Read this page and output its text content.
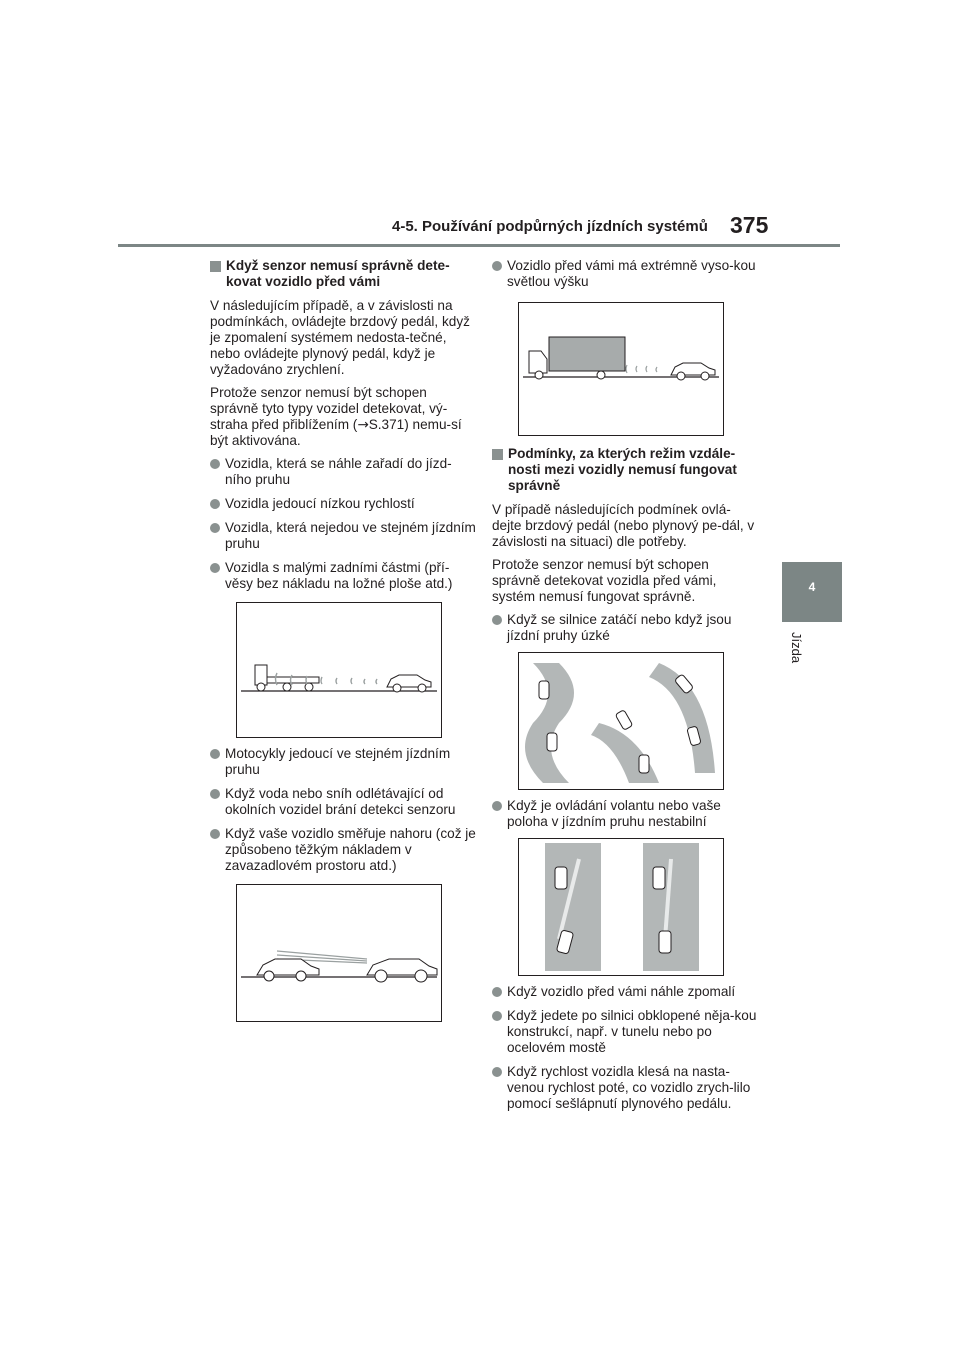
4-5. Používání podpůrných jízdních systémů 375
4
Jízda
Když senzor nemusí správně dete-kovat vozidlo před vámi
V následujícím případě, a v závislosti na podmínkách, ovládejte brzdový pedál, když je zpomalení systémem nedosta-tečné, nebo ovládejte plynový pedál, když je vyžadováno zrychlení.
Protože senzor nemusí být schopen správně tyto typy vozidel detekovat, vý-straha před přiblížením (→S.371) nemu-sí být aktivována.
Vozidla, která se náhle zařadí do jízd-ního pruhu
Vozidla jedoucí nízkou rychlostí
Vozidla, která nejedou ve stejném jízdním pruhu
Vozidla s malými zadními částmi (pří-věsy bez nákladu na ložné ploše atd.)
Motocykly jedoucí ve stejném jízdním pruhu
Když voda nebo sníh odlétávající od okolních vozidel brání detekci senzoru
Když vaše vozidlo směřuje nahoru (což je způsobeno těžkým nákladem v zavazadlovém prostoru atd.)
Vozidlo před vámi má extrémně vyso-kou světlou výšku
Podmínky, za kterých režim vzdále-nosti mezi vozidly nemusí fungovat správně
V případě následujících podmínek ovlá-dejte brzdový pedál (nebo plynový pe-dál, v závislosti na situaci) dle potřeby.
Protože senzor nemusí být schopen správně detekovat vozidla před vámi, systém nemusí fungovat správně.
Když se silnice zatáčí nebo když jsou jízdní pruhy úzké
Když je ovládání volantu nebo vaše poloha v jízdním pruhu nestabilní
Když vozidlo před vámi náhle zpomalí
Když jedete po silnici obklopené něja-kou konstrukcí, např. v tunelu nebo po ocelovém mostě
Když rychlost vozidla klesá na nasta-venou rychlost poté, co vozidlo zrych-lilo pomocí sešlápnutí plynového pedálu.
